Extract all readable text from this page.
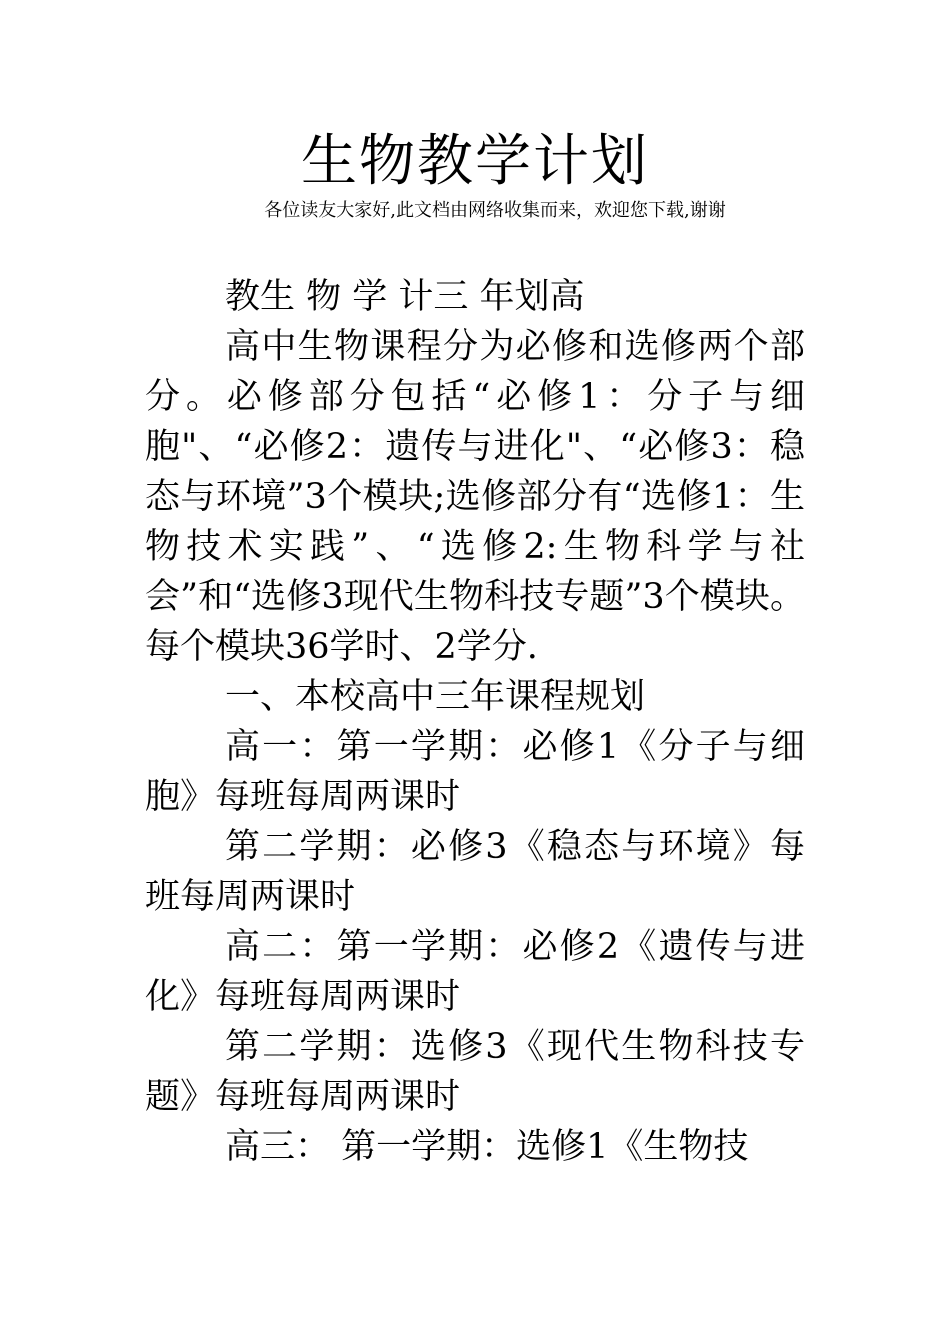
生物教学计划
各位读友大家好,此文档由网络收集而来，欢迎您下载,谢谢

教生 物 学 计三 年划高

高中生物课程分为必修和选修两个部分。必修部分包括“必修1：分子与细胞"、“必修2：遗传与进化"、“必修3：稳态与环境”3个模块;选修部分有“选修1：生物技术实践”、“选修2:生物科学与社会”和“选修3现代生物科技专题”3个模块。每个模块36学时、2学分.

一、本校高中三年课程规划

高一：第一学期：必修1《分子与细胞》每班每周两课时

第二学期：必修3《稳态与环境》每班每周两课时

高二：第一学期：必修2《遗传与进化》每班每周两课时

第二学期：选修3《现代生物科技专题》每班每周两课时

高三： 第一学期：选修1《生物技
